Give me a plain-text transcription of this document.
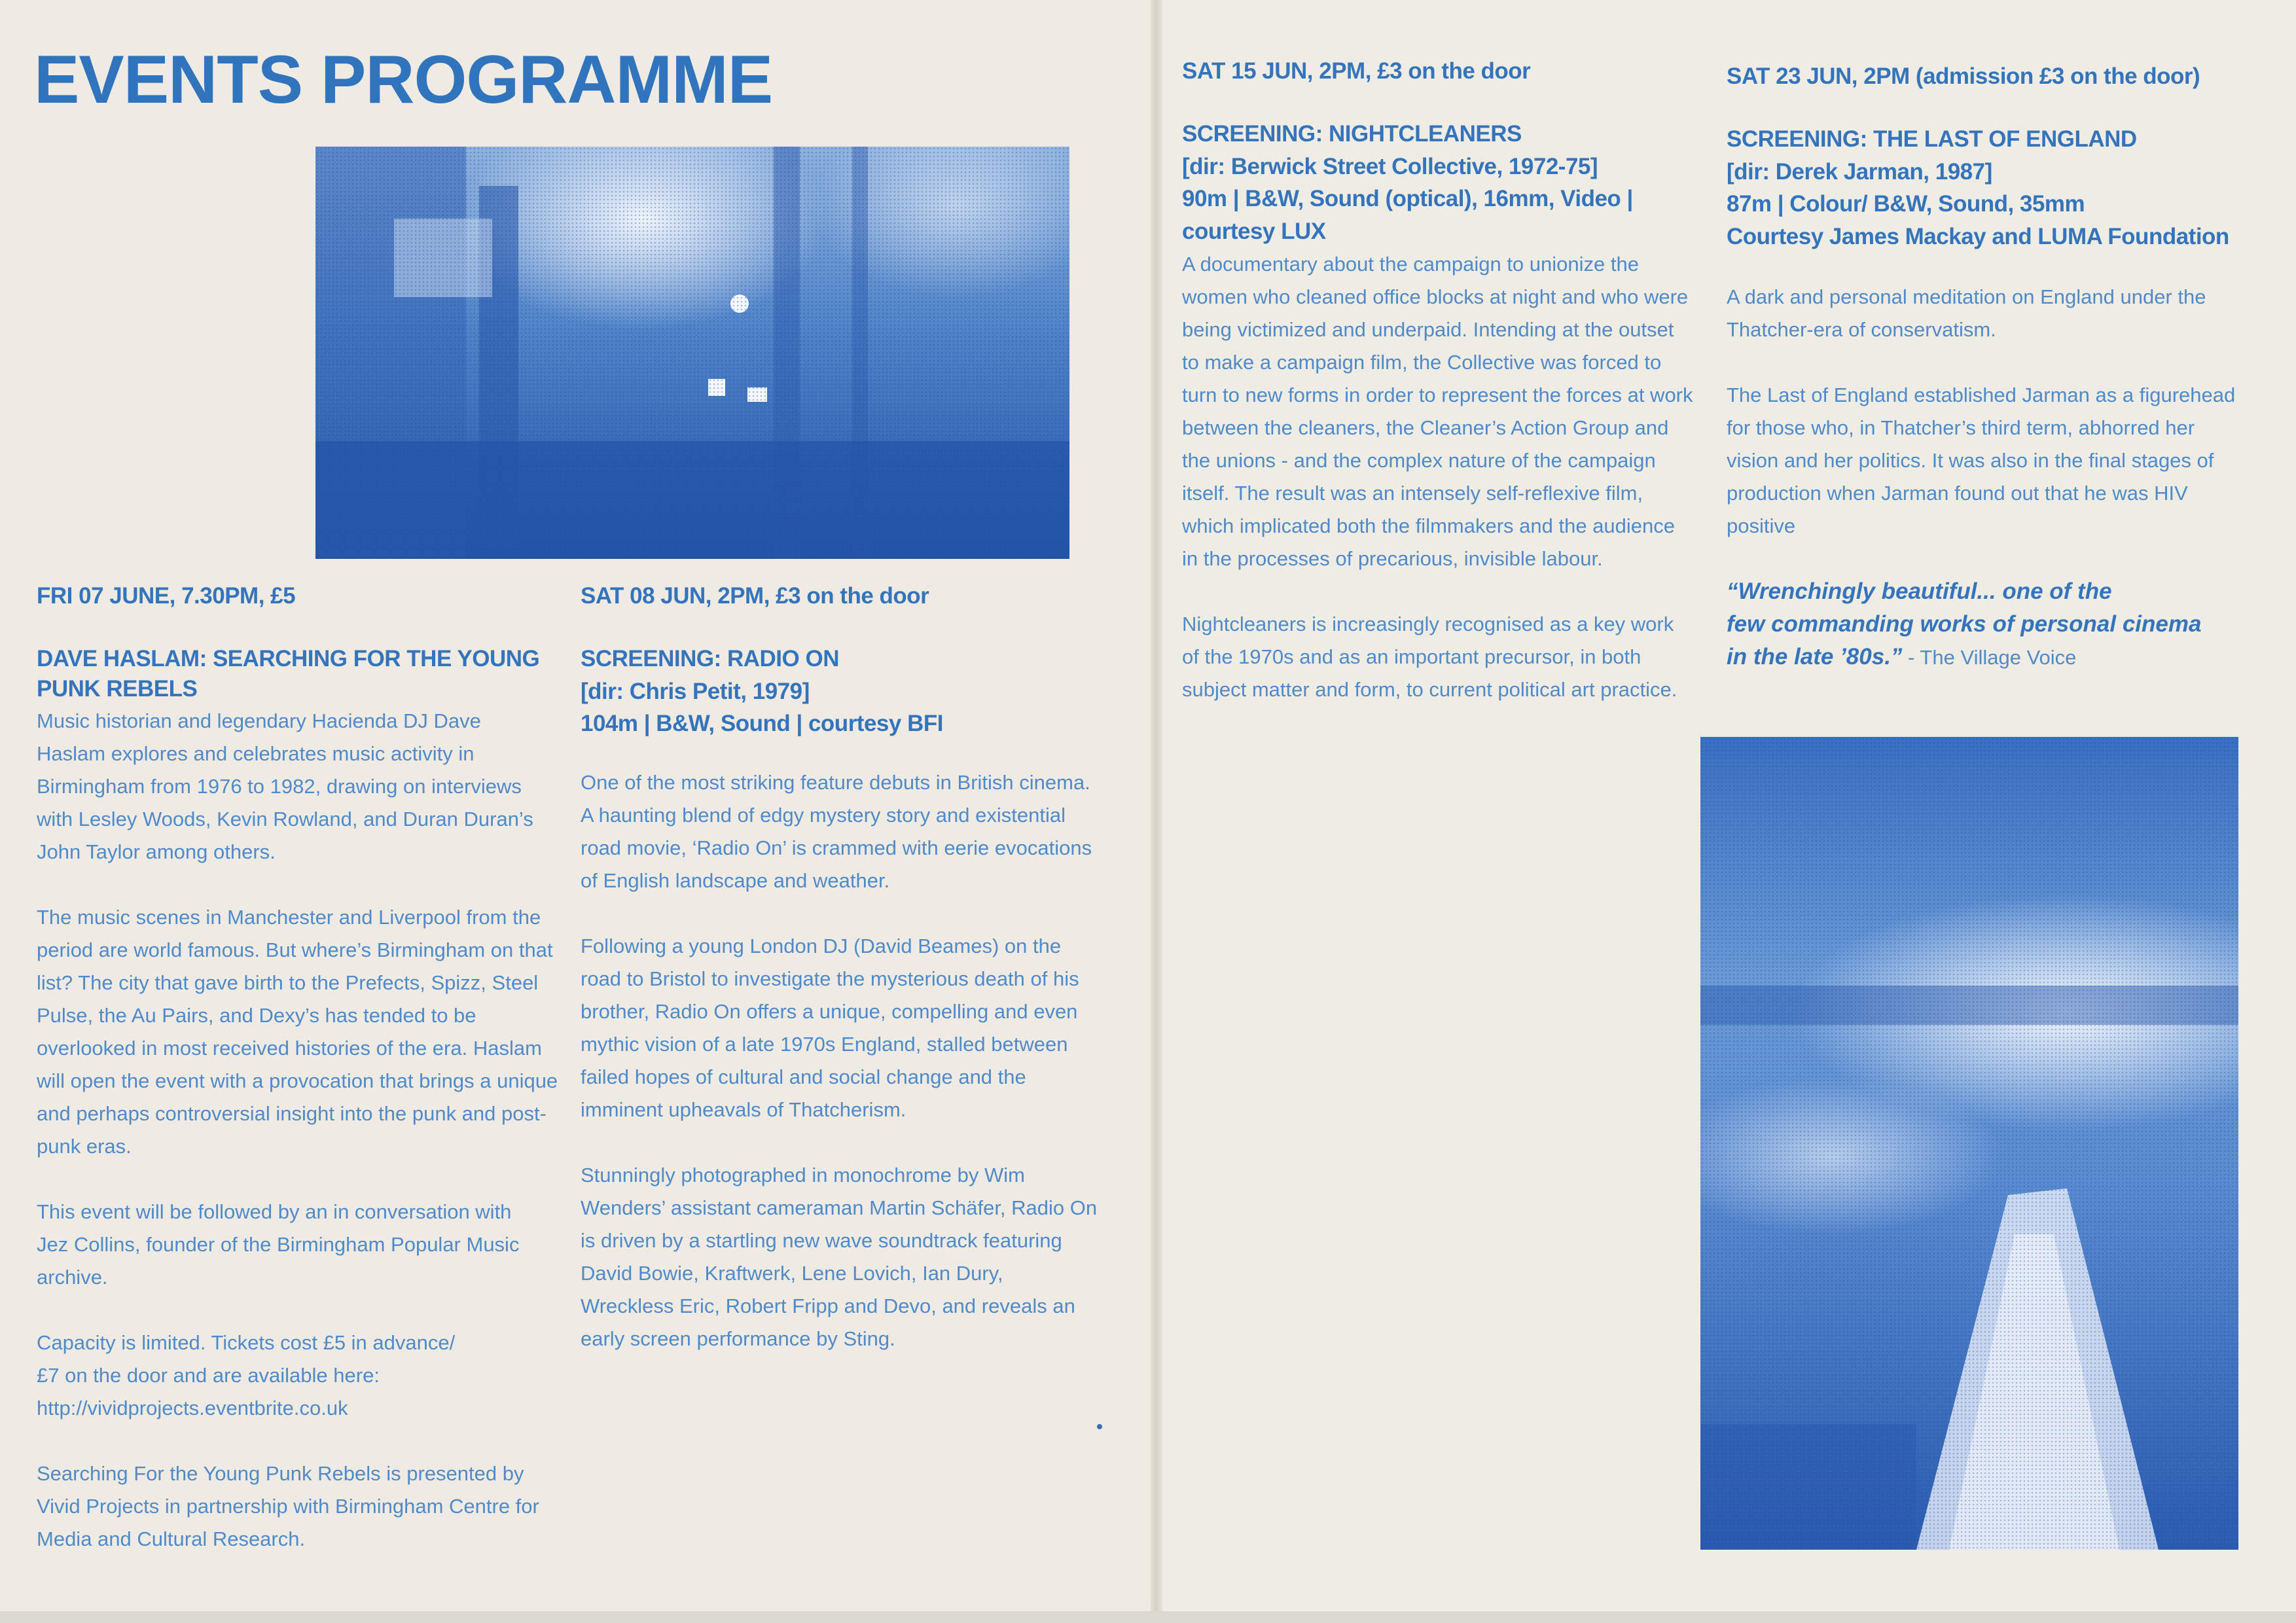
EVENTS PROGRAMME

FRI 07 JUNE, 7.30PM, £5

DAVE HASLAM: SEARCHING FOR THE YOUNG

PUNK REBELS

Music historian and legendary Hacienda DJ Dave Haslam explores and celebrates music activity in Birmingham from 1976 to 1982, drawing on interviews with Lesley Woods, Kevin Rowland, and Duran Duran’s John Taylor among others.

The music scenes in Manchester and Liverpool from the period are world famous. But where’s Birmingham on that list? The city that gave birth to the Prefects, Spizz, Steel Pulse, the Au Pairs, and Dexy’s has tended to be overlooked in most received histories of the era. Haslam will open the event with a provocation that brings a unique and perhaps controversial insight into the punk and post-punk eras.

This event will be followed by an in conversation with Jez Collins, founder of the Birmingham Popular Music archive.

Capacity is limited. Tickets cost £5 in advance/

£7 on the door and are available here:

http://vividprojects.eventbrite.co.uk

Searching For the Young Punk Rebels is presented by Vivid Projects in partnership with Birmingham Centre for Media and Cultural Research.

SAT 08 JUN, 2PM, £3 on the door

SCREENING: RADIO ON

[dir: Chris Petit, 1979]

104m | B&W, Sound | courtesy BFI

One of the most striking feature debuts in British cinema. A haunting blend of edgy mystery story and existential road movie, ‘Radio On’ is crammed with eerie evocations of English landscape and weather.

Following a young London DJ (David Beames) on the road to Bristol to investigate the mysterious death of his brother, Radio On offers a unique, compelling and even mythic vision of a late 1970s England, stalled between failed hopes of cultural and social change and the imminent upheavals of Thatcherism.

Stunningly photographed in monochrome by Wim Wenders’ assistant cameraman Martin Schäfer, Radio On is driven by a startling new wave soundtrack featuring David Bowie, Kraftwerk, Lene Lovich, Ian Dury, Wreckless Eric, Robert Fripp and Devo, and reveals an early screen performance by Sting.

SAT 15 JUN, 2PM, £3 on the door

SCREENING: NIGHTCLEANERS

[dir: Berwick Street Collective, 1972-75]

90m | B&W, Sound (optical), 16mm, Video |

courtesy LUX

A documentary about the campaign to unionize the women who cleaned office blocks at night and who were being victimized and underpaid. Intending at the outset to make a campaign film, the Collective was forced to turn to new forms in order to represent the forces at work between the cleaners, the Cleaner’s Action Group and the unions - and the complex nature of the campaign itself. The result was an intensely self-reflexive film, which implicated both the filmmakers and the audience in the processes of precarious, invisible labour.

Nightcleaners is increasingly recognised as a key work of the 1970s and as an important precursor, in both subject matter and form, to current political art practice.

SAT 23 JUN, 2PM (admission £3 on the door)

SCREENING: THE LAST OF ENGLAND

[dir: Derek Jarman, 1987]

87m | Colour/ B&W, Sound, 35mm

Courtesy James Mackay and LUMA Foundation

A dark and personal meditation on England under the Thatcher-era of conservatism.

The Last of England established Jarman as a figurehead for those who, in Thatcher’s third term, abhorred her vision and her politics. It was also in the final stages of production when Jarman found out that he was HIV positive

“Wrenchingly beautiful... one of the

few commanding works of personal cinema

in the late ’80s.” - The Village Voice
